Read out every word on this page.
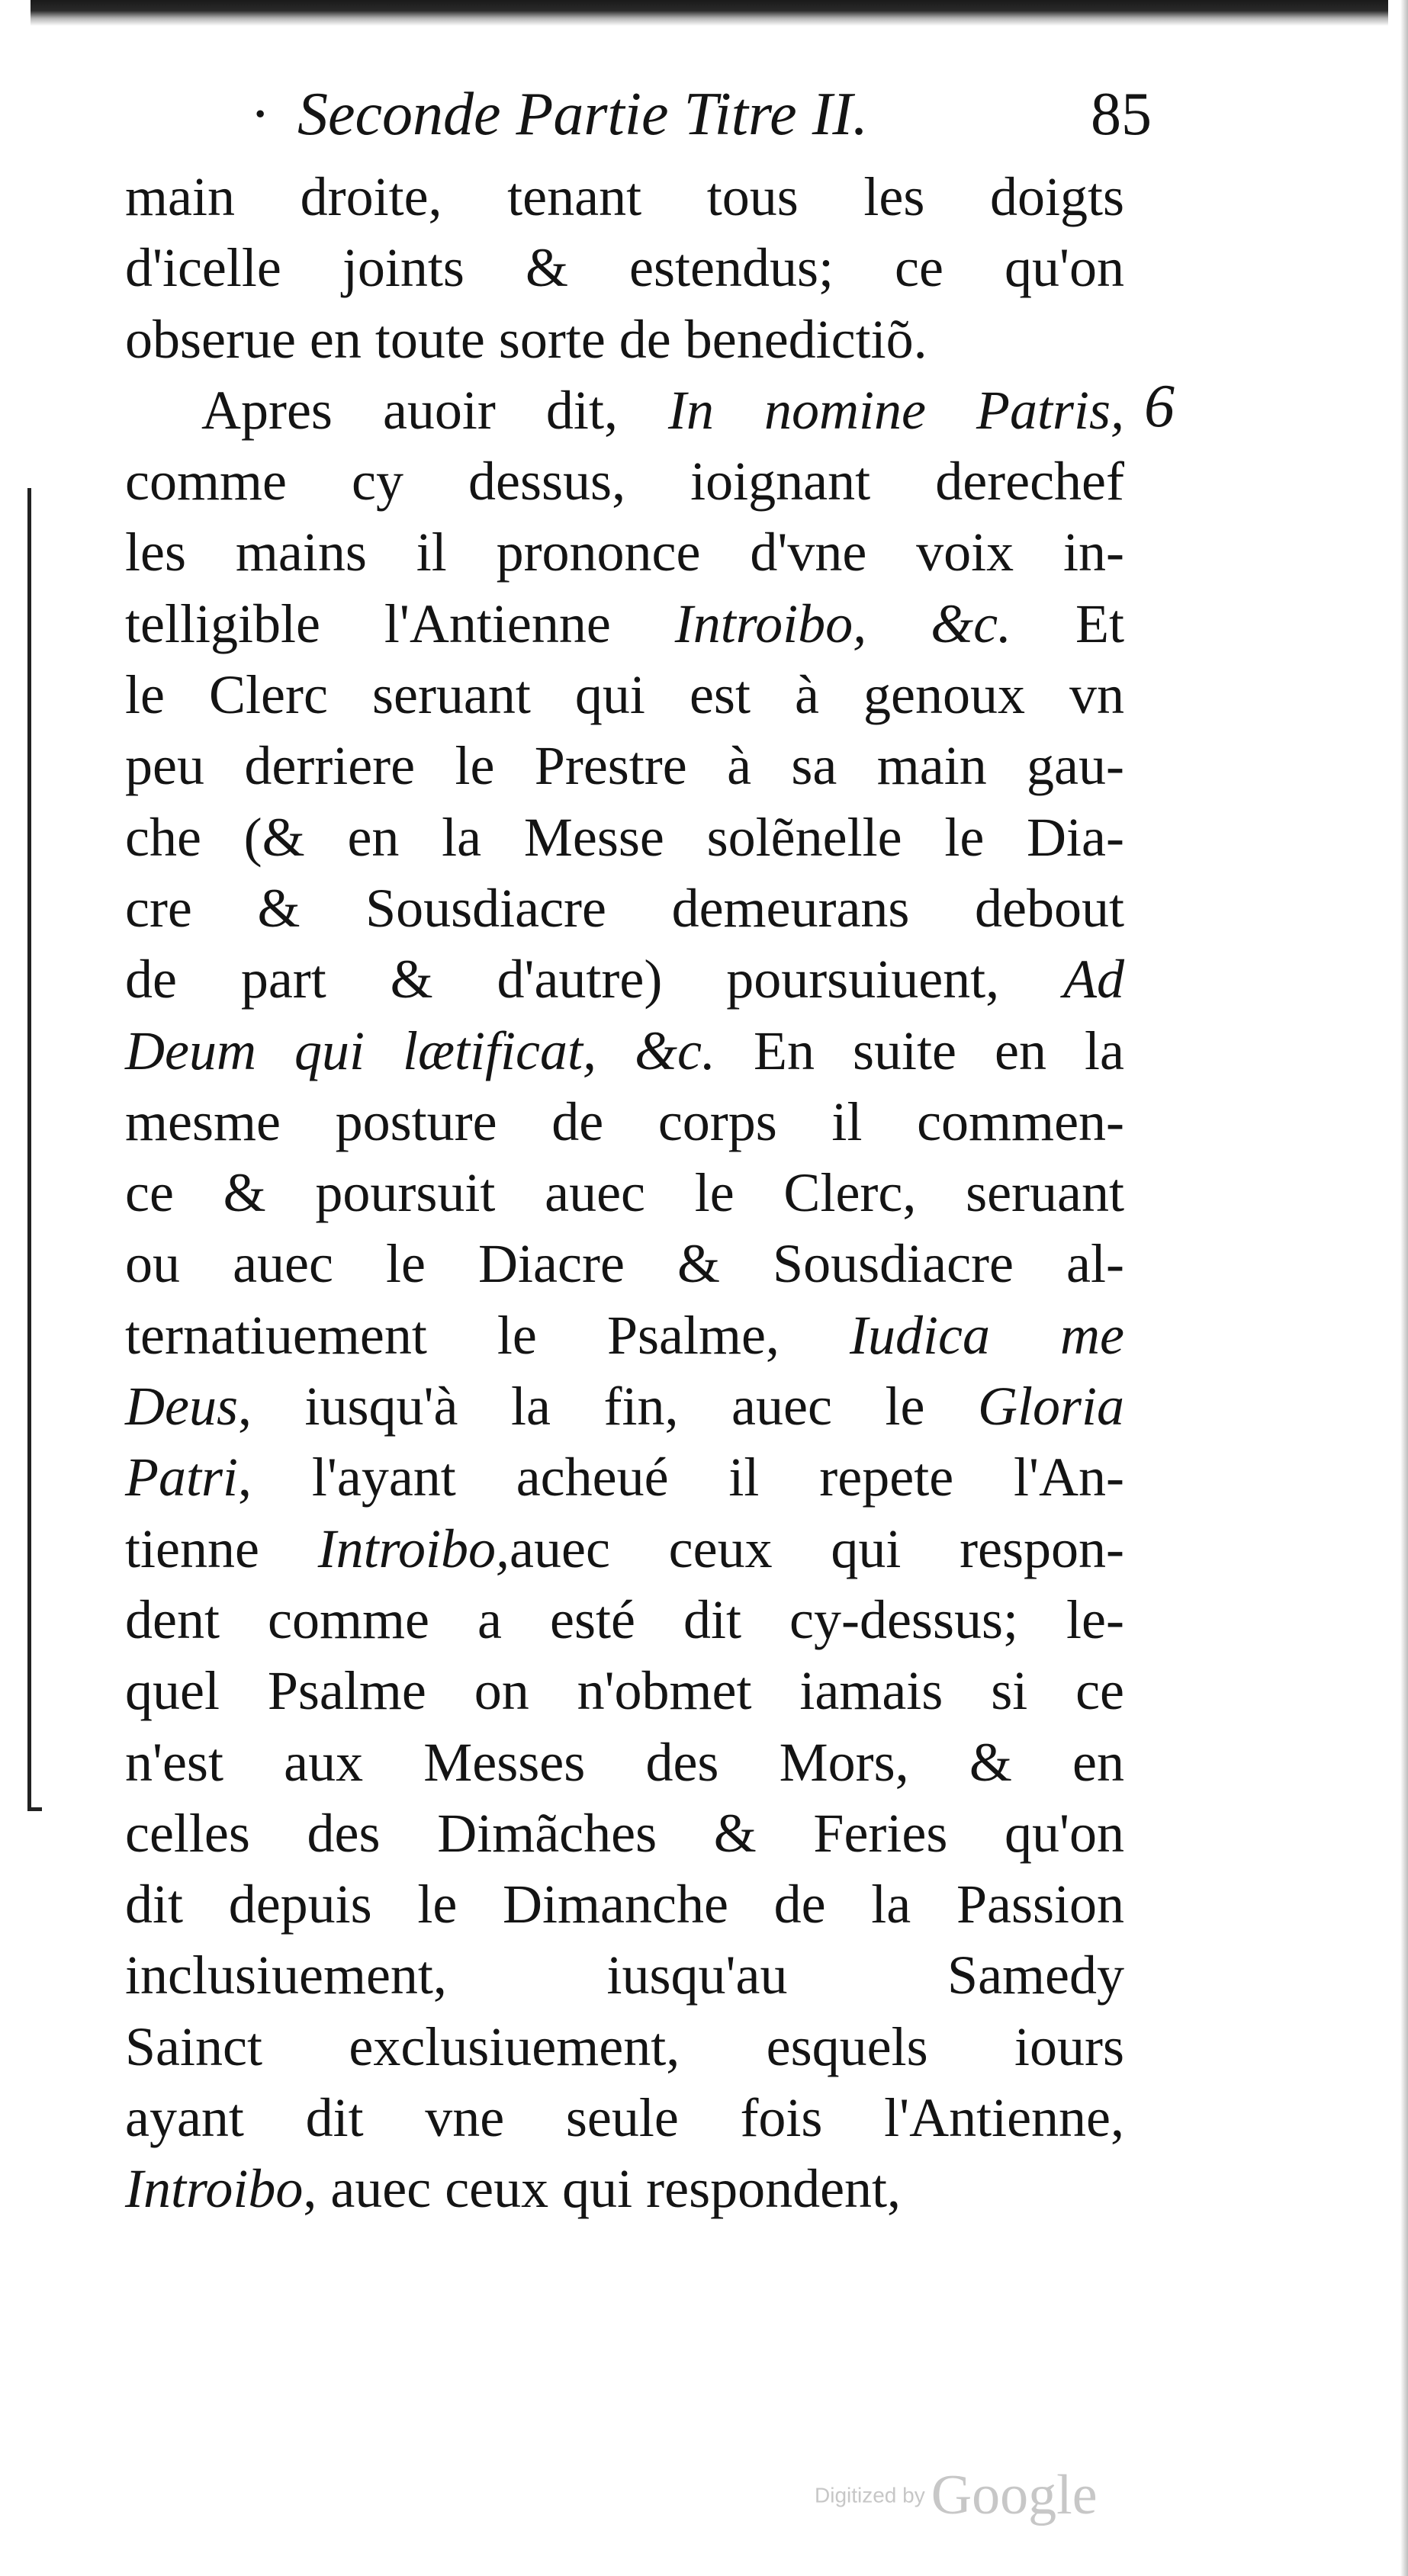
· Seconde Partie Titre II.	85
6
main droite, tenant tous les doigts
d'icelle joints & estendus; ce qu'on
obserue en toute sorte de benedictiõ.
Apres auoir dit, In nomine Patris,
comme cy dessus, ioignant derechef
les mains il prononce d'vne voix in-
telligible l'Antienne Introibo, &c. Et
le Clerc seruant qui est à genoux vn
peu derriere le Prestre à sa main gau-
che (& en la Messe solẽnelle le Dia-
cre & Sousdiacre demeurans debout
de part & d'autre) poursuiuent, Ad
Deum qui lætificat, &c. En suite en la
mesme posture de corps il commen-
ce & poursuit auec le Clerc, seruant
ou auec le Diacre & Sousdiacre al-
ternatiuement le Psalme, Iudica me
Deus, iusqu'à la fin, auec le Gloria
Patri, l'ayant acheué il repete l'An-
tienne Introibo,auec ceux qui respon-
dent comme a esté dit cy-dessus; le-
quel Psalme on n'obmet iamais si ce
n'est aux Messes des Mors, & en
celles des Dimãches & Feries qu'on
dit depuis le Dimanche de la Passion
inclusiuement, iusqu'au Samedy
Sainct exclusiuement, esquels iours
ayant dit vne seule fois l'Antienne,
Introibo, auec ceux qui respondent,
Digitized by Google
